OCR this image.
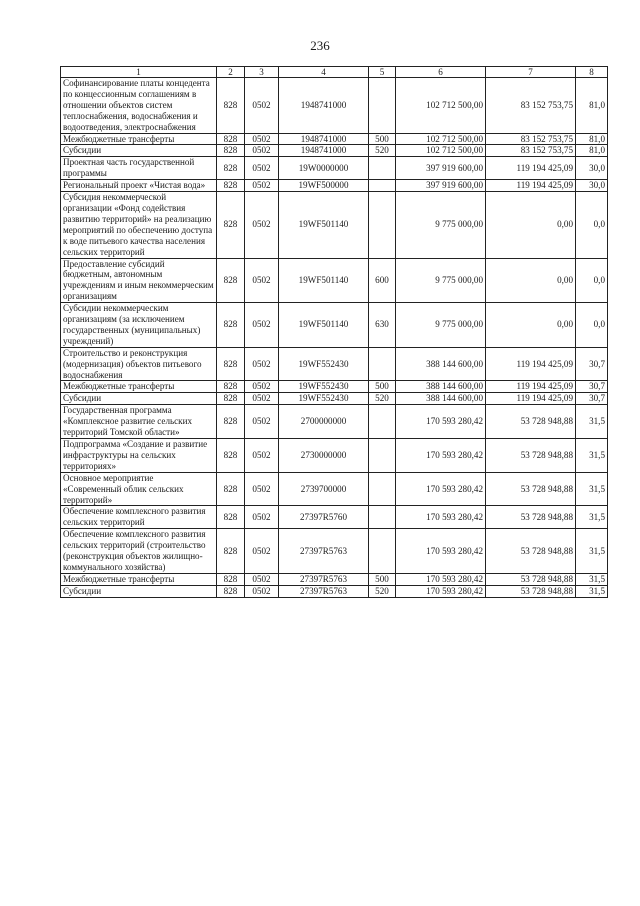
236
1	2	3	4	5	6	7	8
Софинансирование платы концедента по концессионным соглашениям в отношении объектов систем теплоснабжения, водоснабжения и водоотведения, электроснабжения	828	0502	1948741000		102 712 500,00	83 152 753,75	81,0
Межбюджетные трансферты	828	0502	1948741000	500	102 712 500,00	83 152 753,75	81,0
Субсидии	828	0502	1948741000	520	102 712 500,00	83 152 753,75	81,0
Проектная часть государственной программы	828	0502	19W0000000		397 919 600,00	119 194 425,09	30,0
Региональный проект «Чистая вода»	828	0502	19WF500000		397 919 600,00	119 194 425,09	30,0
Субсидия некоммерческой организации «Фонд содействия развитию территорий» на реализацию мероприятий по обеспечению доступа к воде питьевого качества населения сельских территорий	828	0502	19WF501140		9 775 000,00	0,00	0,0
Предоставление субсидий бюджетным, автономным учреждениям и иным некоммерческим организациям	828	0502	19WF501140	600	9 775 000,00	0,00	0,0
Субсидии некоммерческим организациям (за исключением государственных (муниципальных) учреждений)	828	0502	19WF501140	630	9 775 000,00	0,00	0,0
Строительство и реконструкция (модернизация) объектов питьевого водоснабжения	828	0502	19WF552430		388 144 600,00	119 194 425,09	30,7
Межбюджетные трансферты	828	0502	19WF552430	500	388 144 600,00	119 194 425,09	30,7
Субсидии	828	0502	19WF552430	520	388 144 600,00	119 194 425,09	30,7
Государственная программа «Комплексное развитие сельских территорий Томской области»	828	0502	2700000000		170 593 280,42	53 728 948,88	31,5
Подпрограмма «Создание и развитие инфраструктуры на сельских территориях»	828	0502	2730000000		170 593 280,42	53 728 948,88	31,5
Основное мероприятие «Современный облик сельских территорий»	828	0502	2739700000		170 593 280,42	53 728 948,88	31,5
Обеспечение комплексного развития сельских территорий	828	0502	27397R5760		170 593 280,42	53 728 948,88	31,5
Обеспечение комплексного развития сельских территорий (строительство (реконструкция объектов жилищно-коммунального хозяйства)	828	0502	27397R5763		170 593 280,42	53 728 948,88	31,5
Межбюджетные трансферты	828	0502	27397R5763	500	170 593 280,42	53 728 948,88	31,5
Субсидии	828	0502	27397R5763	520	170 593 280,42	53 728 948,88	31,5
